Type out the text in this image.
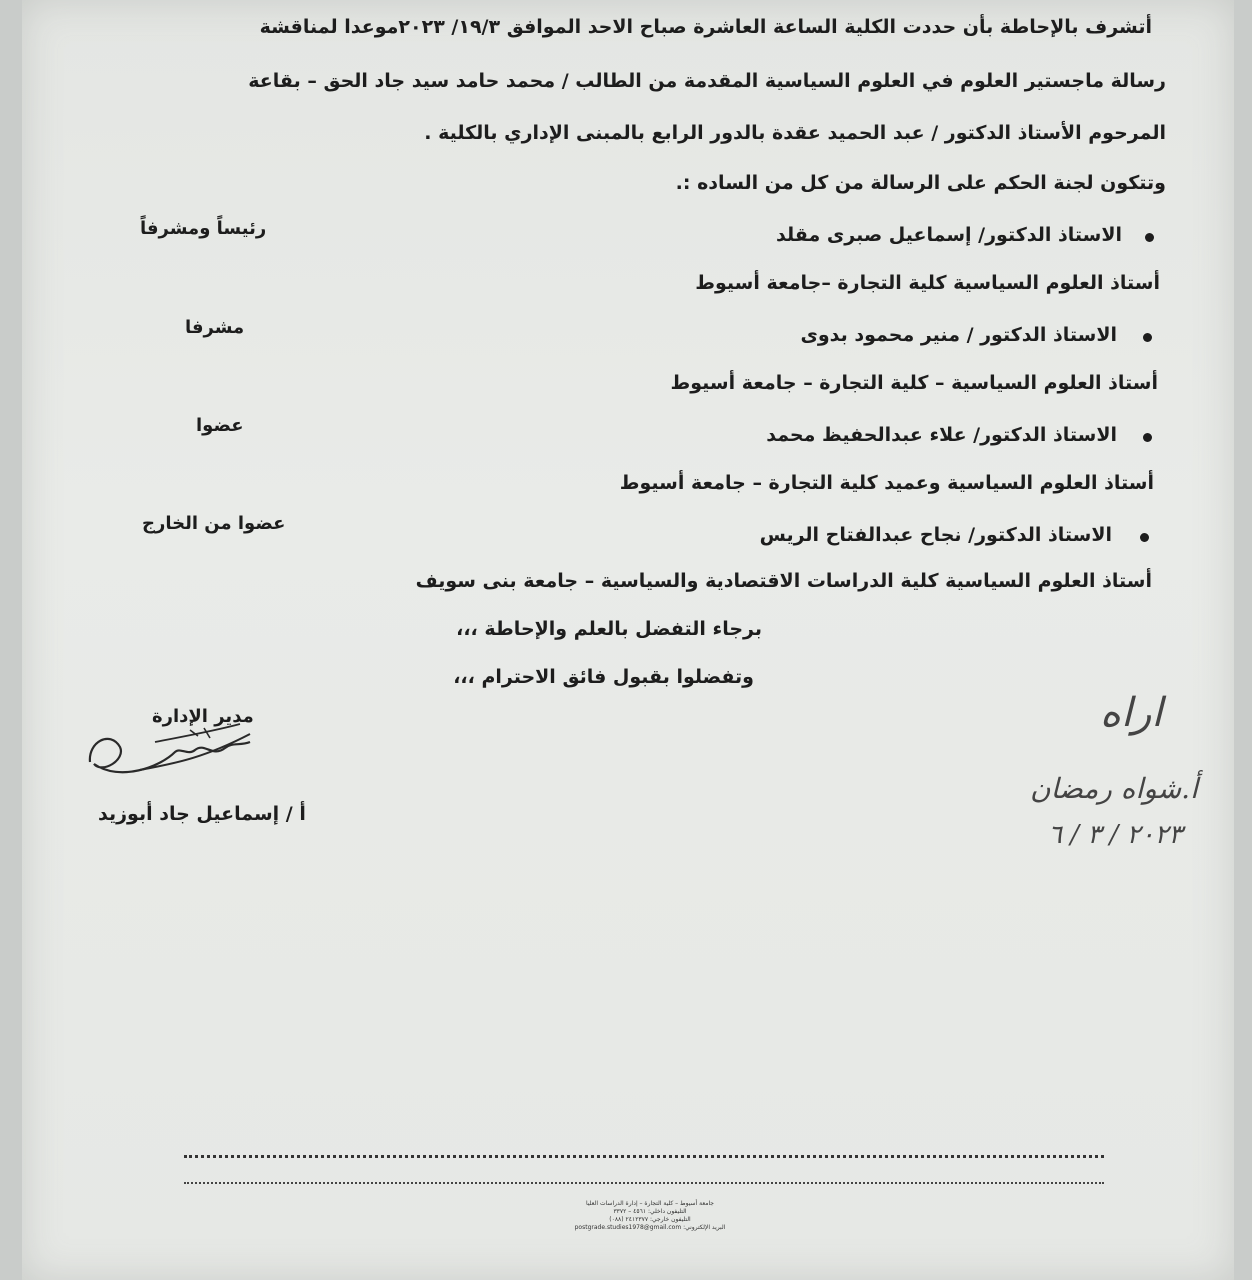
أتشرف بالإحاطة بأن حددت الكلية الساعة العاشرة صباح الاحد الموافق ١٩/٣/ ٢٠٢٣موعدا لمناقشة
رسالة ماجستير العلوم في العلوم السياسية المقدمة من الطالب / محمد حامد سيد جاد الحق – بقاعة
المرحوم الأستاذ الدكتور / عبد الحميد عقدة بالدور الرابع بالمبنى الإداري بالكلية .
وتتكون لجنة الحكم على الرسالة من كل من الساده :.
الاستاذ الدكتور/ إسماعيل صبرى مقلد
رئيساً ومشرفاً
أستاذ العلوم السياسية كلية التجارة –جامعة أسيوط
الاستاذ الدكتور / منير محمود بدوى
مشرفا
أستاذ العلوم السياسية – كلية التجارة – جامعة أسيوط
الاستاذ الدكتور/ علاء عبدالحفيظ محمد
عضوا
أستاذ العلوم السياسية وعميد كلية التجارة – جامعة أسيوط
الاستاذ الدكتور/ نجاح عبدالفتاح الريس
عضوا من الخارج
أستاذ العلوم السياسية كلية الدراسات الاقتصادية والسياسية – جامعة بنى سويف
برجاء التفضل بالعلم والإحاطة ،،،
وتفضلوا بقبول فائق الاحترام ،،،
مدير الإدارة
أ / إسماعيل جاد أبوزيد
اراه
أ.شواه رمضان
٢٠٢٣ / ٣ / ٦
جامعة أسيوط – كلية التجارة – إدارة الدراسات العليا
التليفون داخلي: ٤٥٦١ – ٣٣٧٢
التليفون خارجي: ٢٤١٢٣٧٧ (٠٨٨)
البريد الإلكتروني: postgrade.studies1978@gmail.com
